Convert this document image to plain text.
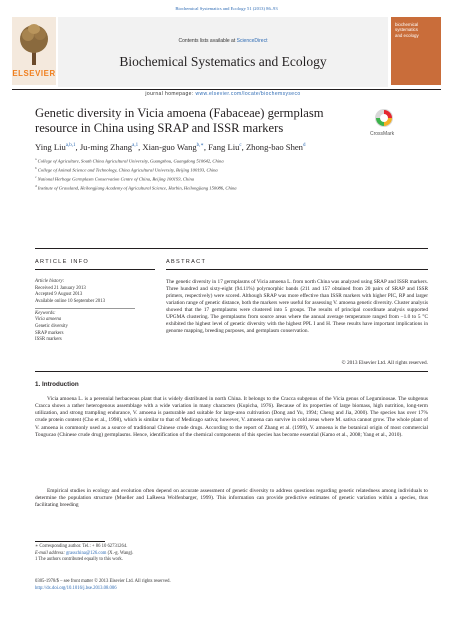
Biochemical Systematics and Ecology 51 (2013) 86–93
ELSEVIER
Contents lists available at ScienceDirect
Biochemical Systematics and Ecology
journal homepage: www.elsevier.com/locate/biochemsyseco
biochemical
systematics
and ecology
Genetic diversity in Vicia amoena (Fabaceae) germplasm
resource in China using SRAP and ISSR markers	CrossMark
Ying Liu$^{a,b,1}$, Ju-ming Zhang$^{a,1}$, Xian-guo Wang$^{b,∗}$, Fang Liu$^c$, Zhong-bao Shen$^d$
$^a$ College of Agriculture, South China Agricultural University, Guangzhou, Guangdong 510642, China
$^b$ College of Animal Science and Technology, China Agricultural University, Beijing 100193, China
$^c$ National Herbage Germplasm Conservation Centre of China, Beijing 100193, China
$^d$ Institute of Grassland, Heilongjiang Academy of Agricultural Science, Harbin, Heilongjiang 150086, China
ARTICLE INFO	ABSTRACT
Article history:
Received 21 January 2013
Accepted 9 August 2013
Available online 10 September 2013
Keywords:
Vicia amoena
Genetic diversity
SRAP markers
ISSR markers
The genetic diversity in 17 germplasms of Vicia amoena L. from north China was analyzed using SRAP and ISSR markers. Three hundred and sixty-eight (94.11%) polymorphic bands (211 and 157 obtained from 20 pairs of SRAP and ISSR primers, respectively) were scored. Although SRAP was more effective than ISSR markers with higher PIC, RP and larger variation range of genetic distance, both the markers were useful for assessing V. amoena genetic diversity. Cluster analysis showed that the 17 germplasms were clustered into 5 groups. The results of principal coordinate analysis supported UPGMA clustering. The germplasms from source areas where the annual average temperature ranged from −1.0 to 5 °C exhibited the highest level of genetic diversity with the highest PPL I and H. These results have important implications in genome mapping, breeding purposes, and germplasm conservation.
© 2013 Elsevier Ltd. All rights reserved.
1. Introduction
Vicia amoena L. is a perennial herbaceous plant that is widely distributed in north China. It belongs to the Cracca subgenus of the Vicia genus of Leguminosae. The subgenus Cracca shows a rather heterogenous assemblage with a wide variation in many characters (Kupicha, 1976). Because of its properties of large biomass, high nutrition, long-term utilization, and strong trampling endurance, V. amoena is pasturable and suitable for large-area cultivation (Dong and Yu, 1994; Cheng and Jia, 2000). The species has over 17% crude protein content (Cho et al., 1998), which is similar to that of Medicago sativa; however, V. amoena can survive in cold areas where M. sativa cannot grow. The whole plant of V. amoena is commonly used as a source of traditional Chinese crude drugs. According to the report of Zhang et al. (1999), V. amoena is the botanical origin of most commercial Tougucao (Chinese crude drug) germplasms. Hence, identification of the chemical components of this species has become essential (Kamo et al., 2008; Yang et al., 2010).
Empirical studies in ecology and evolution often depend on accurate assessment of genetic diversity to address questions regarding genetic relatedness among individuals to determine the population structure (Mueller and LaReesa Wolfenbarger, 1999). This information can provide predictive estimates of genetic variation within a species, thus facilitating breeding
∗ Corresponding author. Tel.: + 86 10 62731264.
E-mail address: grasschina@126.com (X.-g. Wang).
1 The authors contributed equally to this work.
0305-1978/$ – see front matter © 2013 Elsevier Ltd. All rights reserved.
http://dx.doi.org/10.1016/j.bse.2013.08.006
